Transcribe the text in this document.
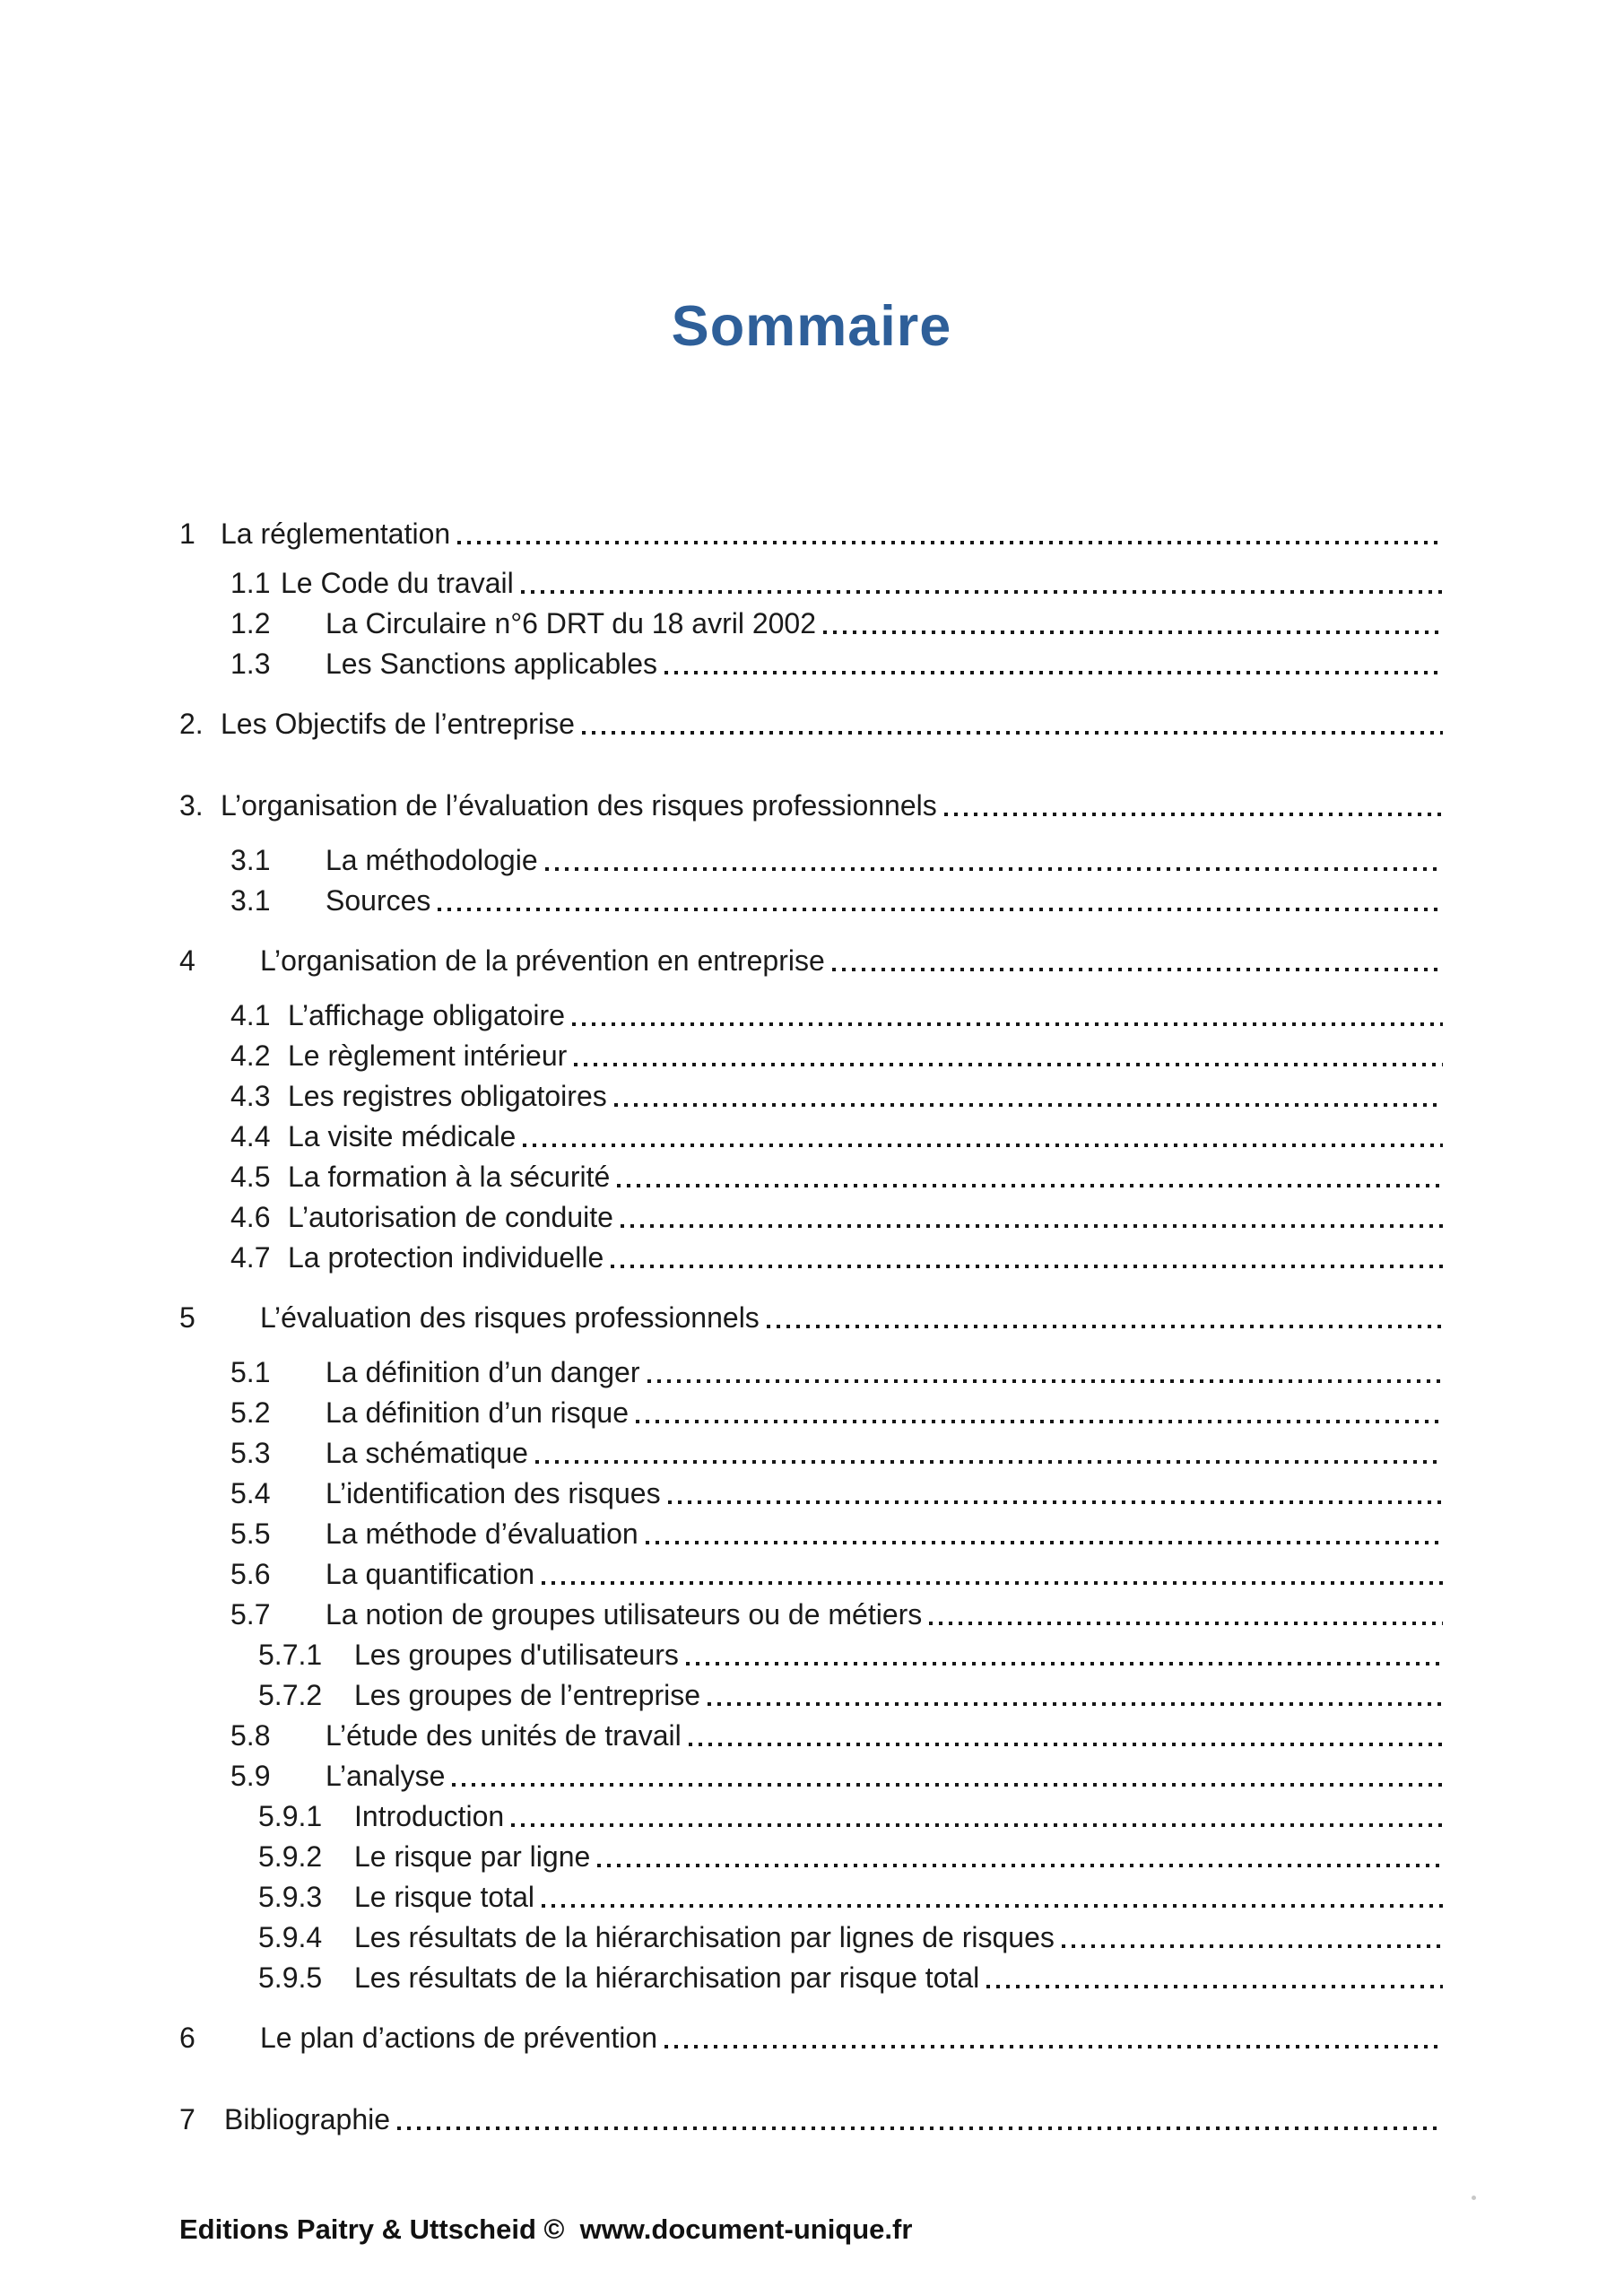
Sommaire
1 La réglementation
1.1 Le Code du travail
1.2	La Circulaire n°6 DRT du 18 avril 2002
1.3	Les Sanctions applicables
2. Les Objectifs de l’entreprise
3. L’organisation de l’évaluation des risques professionnels
3.1	La méthodologie
3.1	Sources
4	L’organisation de la prévention en entreprise
4.1 L’affichage obligatoire
4.2 Le règlement intérieur
4.3 Les registres obligatoires
4.4 La visite médicale
4.5 La formation à la sécurité
4.6 L’autorisation de conduite
4.7 La protection individuelle
5	L’évaluation des risques professionnels
5.1	La définition d’un danger
5.2	La définition d’un risque
5.3	La schématique
5.4	L’identification des risques
5.5	La méthode d’évaluation
5.6	La quantification
5.7	La notion de groupes utilisateurs ou de métiers
5.7.1	Les groupes d'utilisateurs
5.7.2	Les groupes de l’entreprise
5.8	L’étude des unités de travail
5.9	L’analyse
5.9.1	Introduction
5.9.2	Le risque par ligne
5.9.3	Le risque total
5.9.4	Les résultats de la hiérarchisation par lignes de risques
5.9.5	Les résultats de la hiérarchisation par risque total
6	Le plan d’actions de prévention
7	Bibliographie
Editions Paitry & Uttscheid ©  www.document-unique.fr
